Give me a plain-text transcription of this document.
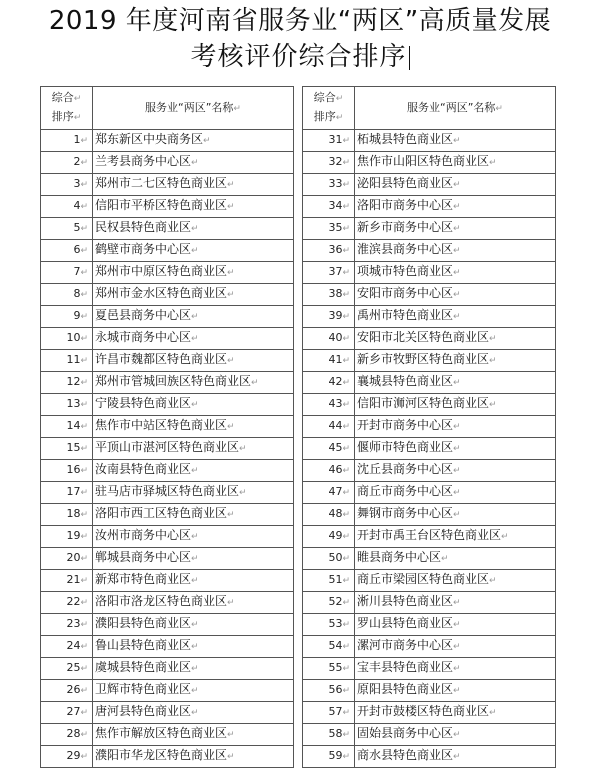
2019 年度河南省服务业“两区”高质量发展
考核评价综合排序
综合↵
排序↵	服务业“两区”名称↵
1↵	郑东新区中央商务区↵
2↵	兰考县商务中心区↵
3↵	郑州市二七区特色商业区↵
4↵	信阳市平桥区特色商业区↵
5↵	民权县特色商业区↵
6↵	鹤壁市商务中心区↵
7↵	郑州市中原区特色商业区↵
8↵	郑州市金水区特色商业区↵
9↵	夏邑县商务中心区↵
10↵	永城市商务中心区↵
11↵	许昌市魏都区特色商业区↵
12↵	郑州市管城回族区特色商业区↵
13↵	宁陵县特色商业区↵
14↵	焦作市中站区特色商业区↵
15↵	平顶山市湛河区特色商业区↵
16↵	汝南县特色商业区↵
17↵	驻马店市驿城区特色商业区↵
18↵	洛阳市西工区特色商业区↵
19↵	汝州市商务中心区↵
20↵	郸城县商务中心区↵
21↵	新郑市特色商业区↵
22↵	洛阳市洛龙区特色商业区↵
23↵	濮阳县特色商业区↵
24↵	鲁山县特色商业区↵
25↵	虞城县特色商业区↵
26↵	卫辉市特色商业区↵
27↵	唐河县特色商业区↵
28↵	焦作市解放区特色商业区↵
29↵	濮阳市华龙区特色商业区↵
综合↵
排序↵	服务业“两区”名称↵
31↵	柘城县特色商业区↵
32↵	焦作市山阳区特色商业区↵
33↵	泌阳县特色商业区↵
34↵	洛阳市商务中心区↵
35↵	新乡市商务中心区↵
36↵	淮滨县商务中心区↵
37↵	项城市特色商业区↵
38↵	安阳市商务中心区↵
39↵	禹州市特色商业区↵
40↵	安阳市北关区特色商业区↵
41↵	新乡市牧野区特色商业区↵
42↵	襄城县特色商业区↵
43↵	信阳市浉河区特色商业区↵
44↵	开封市商务中心区↵
45↵	偃师市特色商业区↵
46↵	沈丘县商务中心区↵
47↵	商丘市商务中心区↵
48↵	舞钢市商务中心区↵
49↵	开封市禹王台区特色商业区↵
50↵	睢县商务中心区↵
51↵	商丘市梁园区特色商业区↵
52↵	淅川县特色商业区↵
53↵	罗山县特色商业区↵
54↵	漯河市商务中心区↵
55↵	宝丰县特色商业区↵
56↵	原阳县特色商业区↵
57↵	开封市鼓楼区特色商业区↵
58↵	固始县商务中心区↵
59↵	商水县特色商业区↵
